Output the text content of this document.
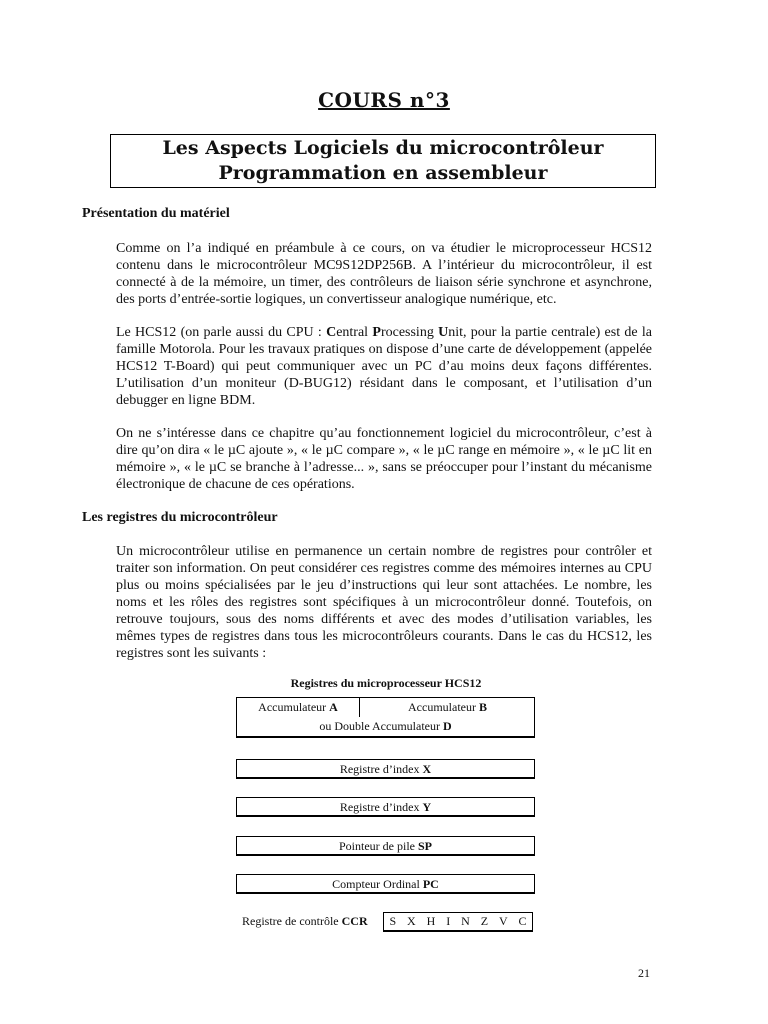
COURS n°3
Les Aspects Logiciels du microcontrôleur
Programmation en assembleur
Présentation du matériel

Comme on l’a indiqué en préambule à ce cours, on va étudier le microprocesseur HCS12 contenu dans le microcontrôleur MC9S12DP256B. A l’intérieur du microcontrôleur, il est connecté à de la mémoire, un timer, des contrôleurs de liaison série synchrone et asynchrone, des ports d’entrée-sortie logiques, un convertisseur analogique numérique, etc.

Le HCS12 (on parle aussi du CPU : Central Processing Unit, pour la partie centrale) est de la famille Motorola. Pour les travaux pratiques on dispose d’une carte de développement (appelée HCS12 T-Board) qui peut communiquer avec un PC d’au moins deux façons différentes. L’utilisation d’un moniteur (D-BUG12) résidant dans le composant, et l’utilisation d’un debugger en ligne BDM.

On ne s’intéresse dans ce chapitre qu’au fonctionnement logiciel du microcontrôleur, c’est à dire qu’on dira « le µC ajoute », « le µC compare », « le µC range en mémoire », « le µC lit en mémoire », « le µC se branche à l’adresse... », sans se préoccuper pour l’instant du mécanisme électronique de chacune de ces opérations.

Les registres du microcontrôleur

Un microcontrôleur utilise en permanence un certain nombre de registres pour contrôler et traiter son information. On peut considérer ces registres comme des mémoires internes au CPU plus ou moins spécialisées par le jeu d’instructions qui leur sont attachées. Le nombre, les noms et les rôles des registres sont spécifiques à un microcontrôleur donné. Toutefois, on retrouve toujours, sous des noms différents et avec des modes d’utilisation variables, les mêmes types de registres dans tous les microcontrôleurs courants. Dans le cas du HCS12, les registres sont les suivants :

Registres du microprocesseur HCS12
Accumulateur A	Accumulateur B
ou Double Accumulateur D
Registre d’index X
Registre d’index Y
Pointeur de pile SP
Compteur Ordinal PC
Registre de contrôle CCR S X H I N Z V C
21
